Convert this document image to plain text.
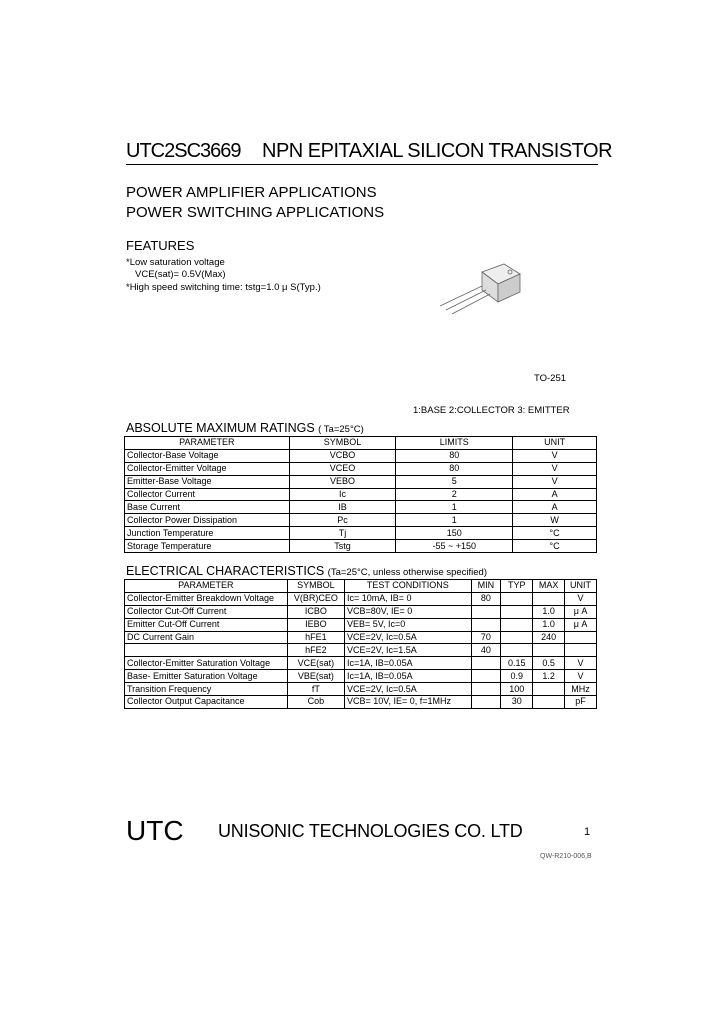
UTC2SC3669 NPN EPITAXIAL SILICON TRANSISTOR
POWER AMPLIFIER APPLICATIONS
POWER SWITCHING APPLICATIONS
FEATURES
*Low saturation voltage
VCE(sat)= 0.5V(Max)
*High speed switching time: tstg=1.0 μ S(Typ.)
TO-251
1:BASE 2:COLLECTOR 3: EMITTER
ABSOLUTE MAXIMUM RATINGS ( Ta=25°C)
PARAMETER	SYMBOL	LIMITS	UNIT
Collector-Base Voltage	VCBO	80	V
Collector-Emitter Voltage	VCEO	80	V
Emitter-Base Voltage	VEBO	5	V
Collector Current	Ic	2	A
Base Current	IB	1	A
Collector Power Dissipation	Pc	1	W
Junction Temperature	Tj	150	°C
Storage Temperature	Tstg	-55 ~ +150	°C
ELECTRICAL CHARACTERISTICS (Ta=25°C, unless otherwise specified)
PARAMETER	SYMBOL	TEST CONDITIONS	MIN	TYP	MAX	UNIT
Collector-Emitter Breakdown Voltage	V(BR)CEO	Ic= 10mA, IB= 0	80			V
Collector Cut-Off Current	ICBO	VCB=80V, IE= 0			1.0	μ A
Emitter Cut-Off Current	IEBO	VEB= 5V, Ic=0			1.0	μ A
DC Current Gain	hFE1	VCE=2V, Ic=0.5A	70		240	
	hFE2	VCE=2V, Ic=1.5A	40			
Collector-Emitter Saturation Voltage	VCE(sat)	Ic=1A, IB=0.05A		0.15	0.5	V
Base- Emitter Saturation Voltage	VBE(sat)	Ic=1A, IB=0.05A		0.9	1.2	V
Transition Frequency	fT	VCE=2V, Ic=0.5A		100		MHz
Collector Output Capacitance	Cob	VCB= 10V, IE= 0, f=1MHz		30		pF
UTC UNISONIC TECHNOLOGIES CO. LTD	1
QW-R210-006,B
